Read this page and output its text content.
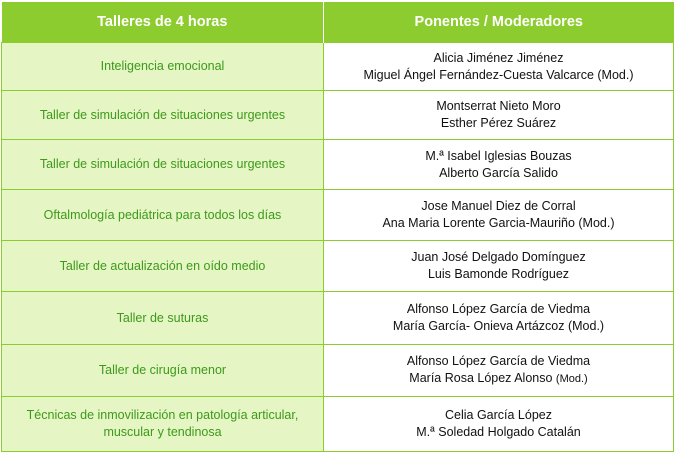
Talleres de 4 horas	Ponentes / Moderadores
Inteligencia emocional	Alicia Jiménez Jiménez
Miguel Ángel Fernández-Cuesta Valcarce (Mod.)

Taller de simulación de situaciones urgentes	Montserrat Nieto Moro
Esther Pérez Suárez

Taller de simulación de situaciones urgentes	M.ª Isabel Iglesias Bouzas
Alberto García Salido

Oftalmología pediátrica para todos los días	Jose Manuel Diez de Corral
Ana Maria Lorente Garcia-Mauriño (Mod.)

Taller de actualización en oído medio	Juan José Delgado Domínguez
Luis Bamonde Rodríguez

Taller de suturas	Alfonso López García de Viedma
María García- Onieva Artázcoz (Mod.)

Taller de cirugía menor	Alfonso López García de Viedma
María Rosa López Alonso (Mod.)

Técnicas de inmovilización en patología articular, muscular y tendinosa	Celia García López
M.ª Soledad Holgado Catalán
